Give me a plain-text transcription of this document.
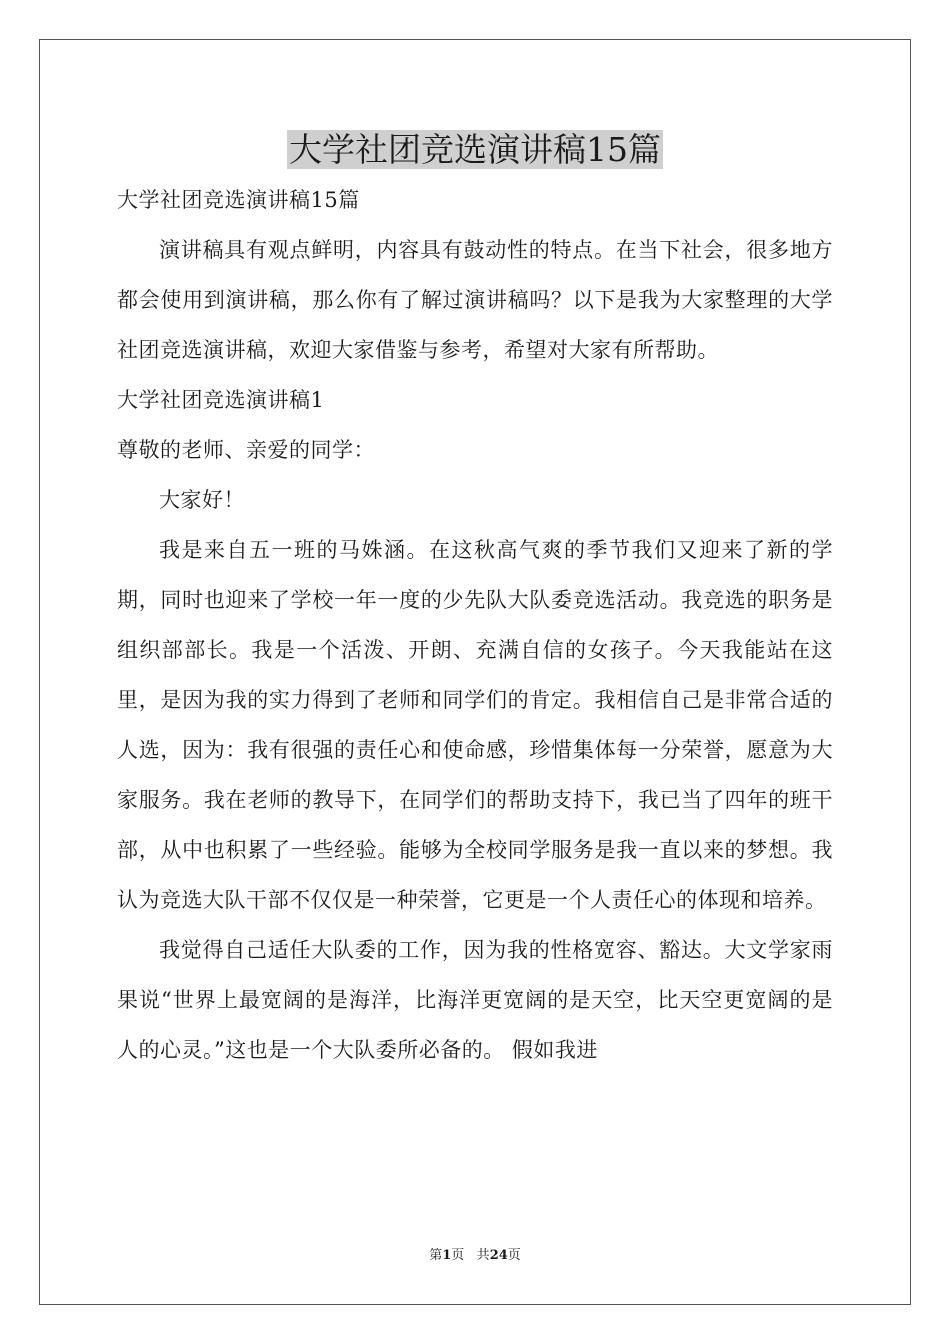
大学社团竞选演讲稿15篇

大学社团竞选演讲稿15篇

演讲稿具有观点鲜明，内容具有鼓动性的特点。在当下社会，很多地方都会使用到演讲稿，那么你有了解过演讲稿吗？以下是我为大家整理的大学社团竞选演讲稿，欢迎大家借鉴与参考，希望对大家有所帮助。

大学社团竞选演讲稿1

尊敬的老师、亲爱的同学：

大家好！

我是来自五一班的马姝涵。在这秋高气爽的季节我们又迎来了新的学期，同时也迎来了学校一年一度的少先队大队委竞选活动。我竞选的职务是组织部部长。我是一个活泼、开朗、充满自信的女孩子。今天我能站在这里，是因为我的实力得到了老师和同学们的肯定。我相信自己是非常合适的人选，因为：我有很强的责任心和使命感，珍惜集体每一分荣誉，愿意为大家服务。我在老师的教导下，在同学们的帮助支持下，我已当了四年的班干部，从中也积累了一些经验。能够为全校同学服务是我一直以来的梦想。我认为竞选大队干部不仅仅是一种荣誉，它更是一个人责任心的体现和培养。

我觉得自己适任大队委的工作，因为我的性格宽容、豁达。大文学家雨果说“世界上最宽阔的是海洋，比海洋更宽阔的是天空，比天空更宽阔的是人的心灵。”这也是一个大队委所必备的。 假如我进

第1页 共24页
